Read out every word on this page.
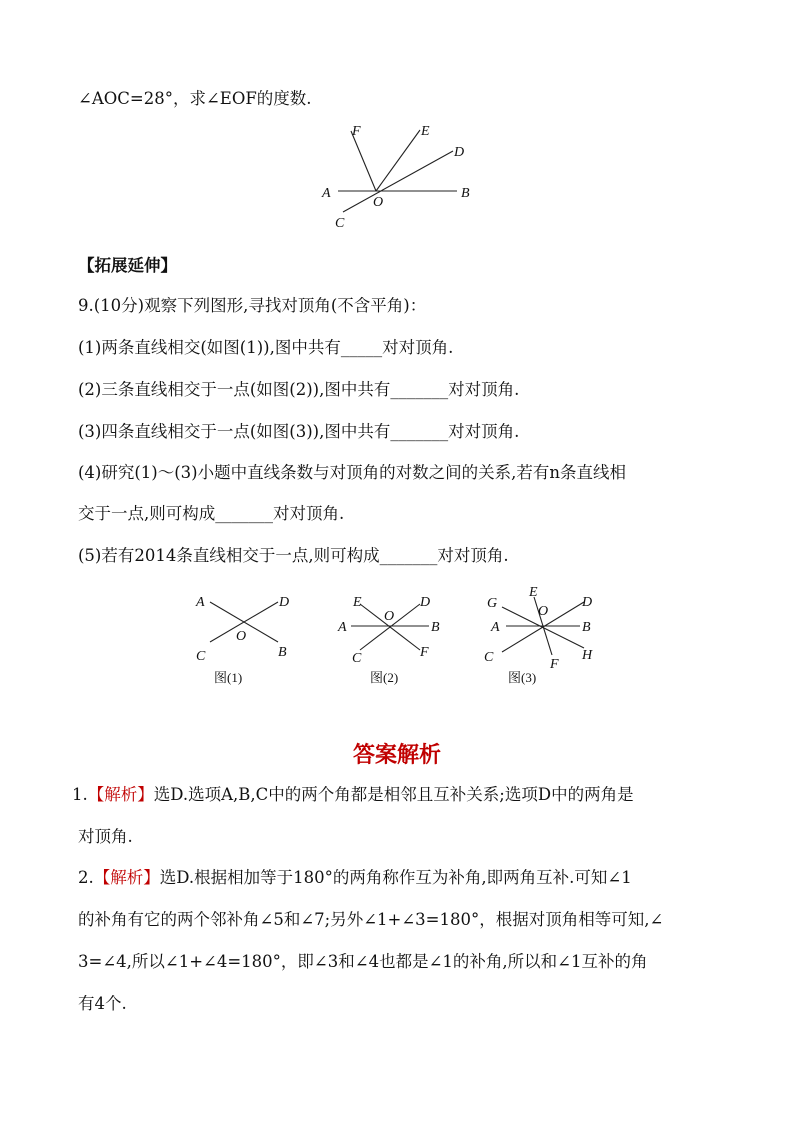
∠AOC=28°，求∠EOF的度数.
F	E
D
A
O
B
C
【拓展延伸】
9.(10分)观察下列图形,寻找对顶角(不含平角)：
(1)两条直线相交(如图(1)),图中共有_____对对顶角.
(2)三条直线相交于一点(如图(2)),图中共有_______对对顶角.
(3)四条直线相交于一点(如图(3)),图中共有_______对对顶角.
(4)研究(1)～(3)小题中直线条数与对顶角的对数之间的关系,若有n条直线相
交于一点,则可构成_______对对顶角.
(5)若有2014条直线相交于一点,则可构成_______对对顶角.
A	D
O
C	B
图(1)
E
O
D
A	B
C	F
图(2)
E
G
O
D
A	B
C	F
H
图(3)
答案解析
1.【解析】选D.选项A,B,C中的两个角都是相邻且互补关系;选项D中的两角是
对顶角.
2.【解析】选D.根据相加等于180°的两角称作互为补角,即两角互补.可知∠1
的补角有它的两个邻补角∠5和∠7;另外∠1+∠3=180°，根据对顶角相等可知,∠
3=∠4,所以∠1+∠4=180°，即∠3和∠4也都是∠1的补角,所以和∠1互补的角
有4个.
